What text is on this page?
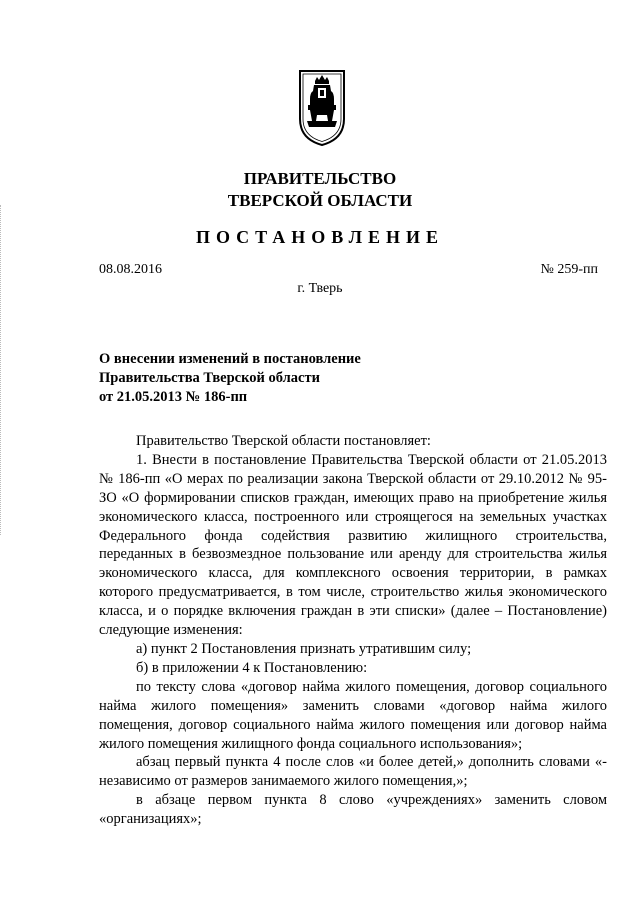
ПРАВИТЕЛЬСТВО
ТВЕРСКОЙ ОБЛАСТИ
ПОСТАНОВЛЕНИЕ
08.08.2016	№ 259-пп
г. Тверь
О внесении изменений в постановление
Правительства Тверской области
от 21.05.2013 № 186-пп

Правительство Тверской области постановляет:

1. Внести в постановление Правительства Тверской области от 21.05.2013 № 186-пп «О мерах по реализации закона Тверской области от 29.10.2012 № 95-ЗО «О формировании списков граждан, имеющих право на приобретение жилья экономического класса, построенного или строящегося на земельных участках Федерального фонда содействия развитию жилищного строительства, переданных в безвозмездное пользование или аренду для строительства жилья экономического класса, для комплексного освоения территории, в рамках которого предусматривается, в том числе, строительство жилья экономического класса, и о порядке включения граждан в эти списки» (далее – Постановление) следующие изменения:

а) пункт 2 Постановления признать утратившим силу;

б) в приложении 4 к Постановлению:

по тексту слова «договор найма жилого помещения, договор социального найма жилого помещения» заменить словами «договор найма жилого помещения, договор социального найма жилого помещения или договор найма жилого помещения жилищного фонда социального использования»;

абзац первый пункта 4 после слов «и более детей,» дополнить словами «- независимо от размеров занимаемого жилого помещения,»;

в абзаце первом пункта 8 слово «учреждениях» заменить словом «организациях»;
